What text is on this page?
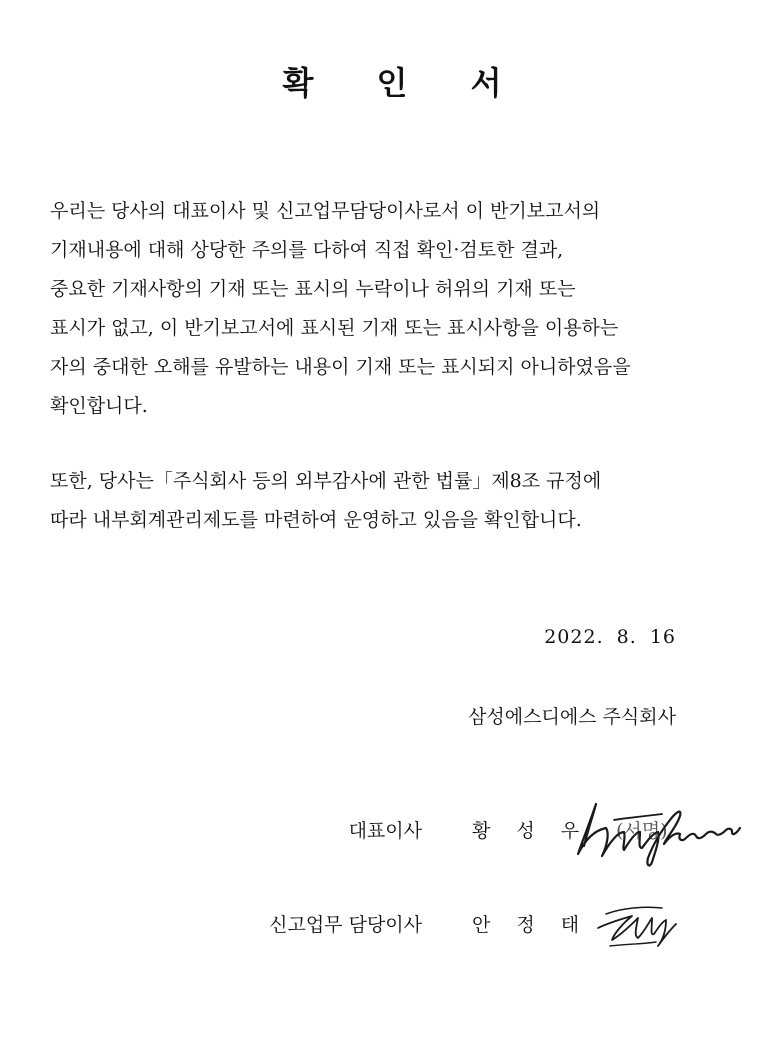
확 인 서
우리는 당사의 대표이사 및 신고업무담당이사로서 이 반기보고서의
기재내용에 대해 상당한 주의를 다하여 직접 확인·검토한 결과,
중요한 기재사항의 기재 또는 표시의 누락이나 허위의 기재 또는
표시가 없고, 이 반기보고서에 표시된 기재 또는 표시사항을 이용하는
자의 중대한 오해를 유발하는 내용이 기재 또는 표시되지 아니하였음을
확인합니다.
또한, 당사는「주식회사 등의 외부감사에 관한 법률」제8조 규정에
따라 내부회계관리제도를 마련하여 운영하고 있음을 확인합니다.
2022. 8. 16
삼성에스디에스 주식회사
대표이사	황 성 우 (서명)
신고업무 담당이사	안 정 태
